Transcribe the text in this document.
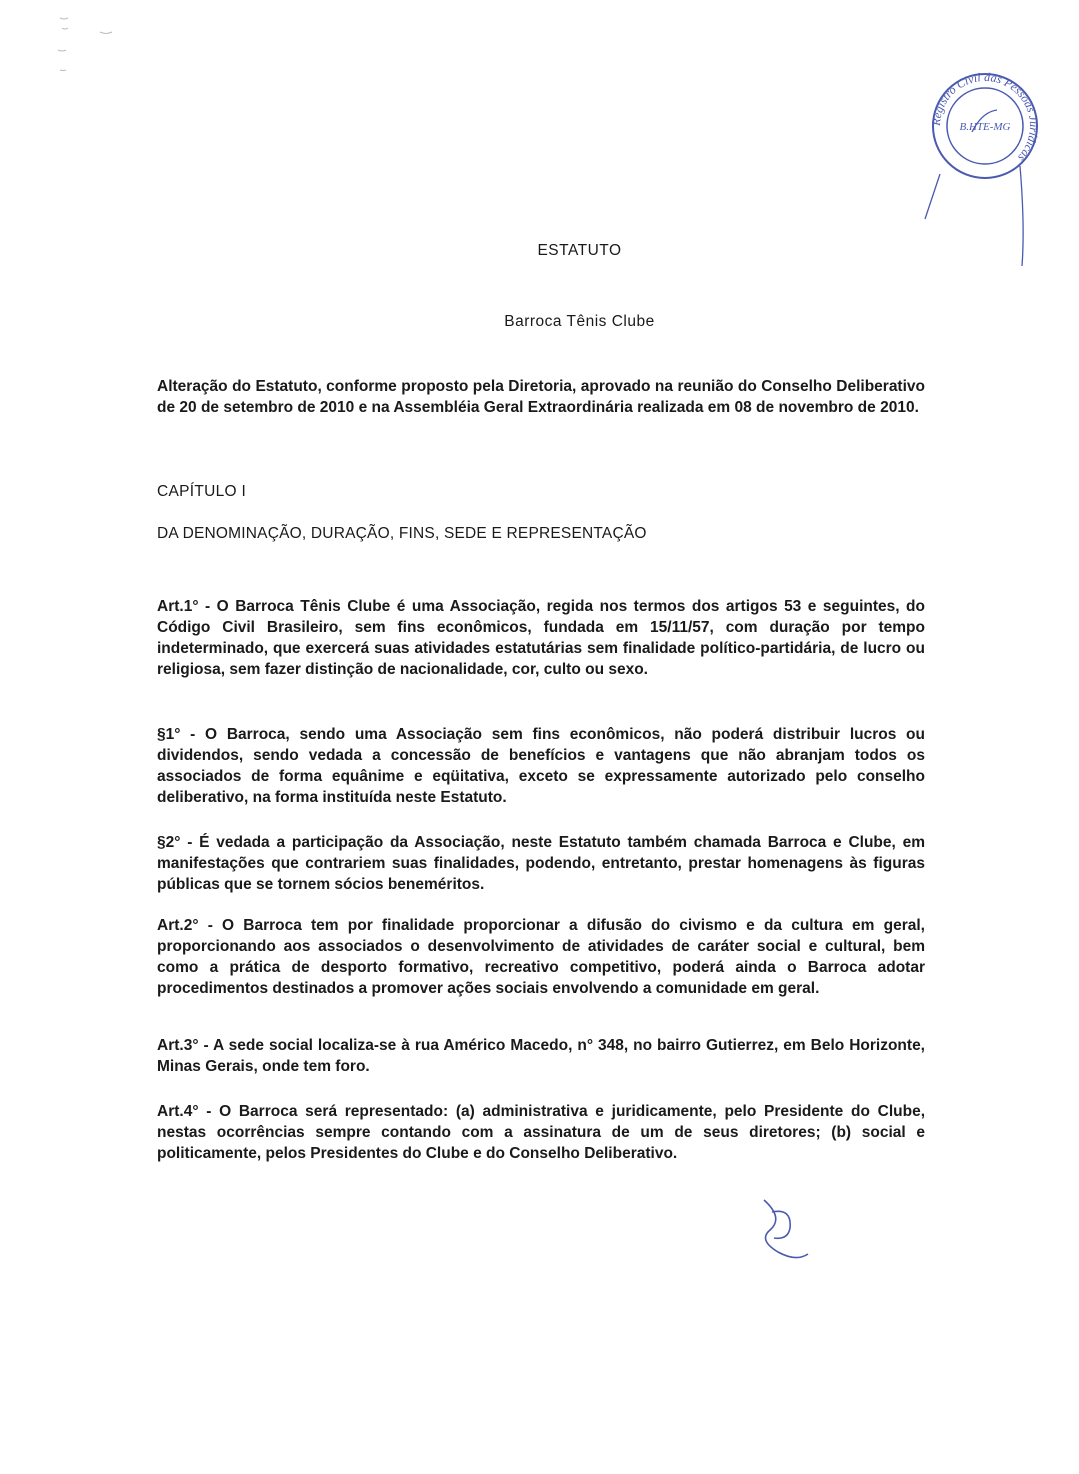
Registro Civil das Pessoas Jurídicas
B.HTE-MG
ESTATUTO
Barroca Tênis Clube
Alteração do Estatuto, conforme proposto pela Diretoria, aprovado na reunião do Conselho Deliberativo de 20 de setembro de 2010 e na Assembléia Geral Extraordinária realizada em 08 de novembro de 2010.
CAPÍTULO I
DA DENOMINAÇÃO, DURAÇÃO, FINS, SEDE E REPRESENTAÇÃO
Art.1° - O Barroca Tênis Clube é uma Associação, regida nos termos dos artigos 53 e seguintes, do Código Civil Brasileiro, sem fins econômicos, fundada em 15/11/57, com duração por tempo indeterminado, que exercerá suas atividades estatutárias sem finalidade político-partidária, de lucro ou religiosa, sem fazer distinção de nacionalidade, cor, culto ou sexo.
§1° - O Barroca, sendo uma Associação sem fins econômicos, não poderá distribuir lucros ou dividendos, sendo vedada a concessão de benefícios e vantagens que não abranjam todos os associados de forma equânime e eqüitativa, exceto se expressamente autorizado pelo conselho deliberativo, na forma instituída neste Estatuto.
§2° - É vedada a participação da Associação, neste Estatuto também chamada Barroca e Clube, em manifestações que contrariem suas finalidades, podendo, entretanto, prestar homenagens às figuras públicas que se tornem sócios beneméritos.
Art.2° - O Barroca tem por finalidade proporcionar a difusão do civismo e da cultura em geral, proporcionando aos associados o desenvolvimento de atividades de caráter social e cultural, bem como a prática de desporto formativo, recreativo competitivo, poderá ainda o Barroca adotar procedimentos destinados a promover ações sociais envolvendo a comunidade em geral.
Art.3° - A sede social localiza-se à rua Américo Macedo, n° 348, no bairro Gutierrez, em Belo Horizonte, Minas Gerais, onde tem foro.
Art.4° - O Barroca será representado: (a) administrativa e juridicamente, pelo Presidente do Clube, nestas ocorrências sempre contando com a assinatura de um de seus diretores; (b) social e politicamente, pelos Presidentes do Clube e do Conselho Deliberativo.
